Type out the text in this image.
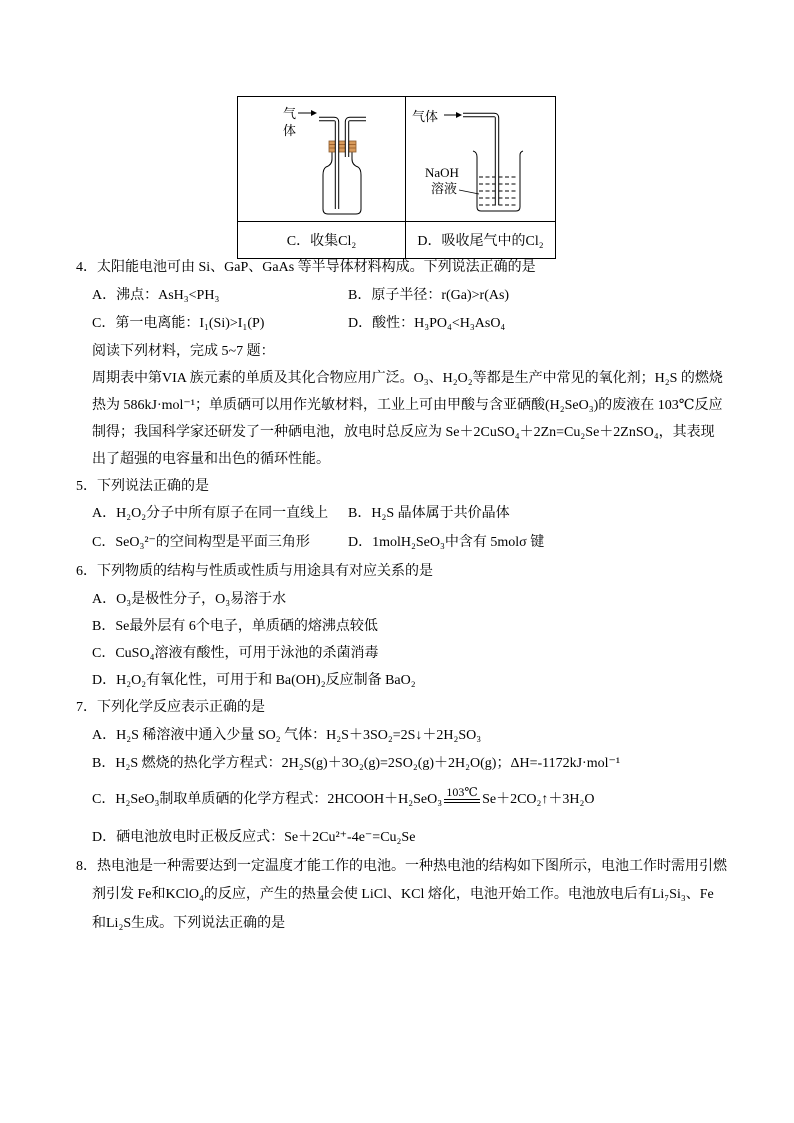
气
体
气体
NaOH
溶液
C．收集Cl₂	D．吸收尾气中的Cl₂
4．太阳能电池可由 Si、GaP、GaAs 等半导体材料构成。下列说法正确的是
A．沸点：AsH₃<PH₃	B．原子半径：r(Ga)>r(As)
C．第一电离能：I₁(Si)>I₁(P)	D．酸性：H₃PO₄<H₃AsO₄
阅读下列材料，完成 5~7 题：
周期表中第VIA 族元素的单质及其化合物应用广泛。O₃、H₂O₂等都是生产中常见的氧化剂；H₂S 的燃烧
热为 586kJ·mol⁻¹；单质硒可以用作光敏材料，工业上可由甲酸与含亚硒酸(H₂SeO₃)的废液在 103℃反应
制得；我国科学家还研发了一种硒电池，放电时总反应为 Se＋2CuSO₄＋2Zn=Cu₂Se＋2ZnSO₄，其表现
出了超强的电容量和出色的循环性能。
5．下列说法正确的是
A．H₂O₂分子中所有原子在同一直线上 B．H₂S 晶体属于共价晶体
C．SeO₃²⁻的空间构型是平面三角形	D．1molH₂SeO₃中含有 5molσ 键
6．下列物质的结构与性质或性质与用途具有对应关系的是
A．O₃是极性分子，O₃易溶于水
B．Se最外层有 6个电子，单质硒的熔沸点较低
C．CuSO₄溶液有酸性，可用于泳池的杀菌消毒
D．H₂O₂有氧化性，可用于和 Ba(OH)₂反应制备 BaO₂
7．下列化学反应表示正确的是
A．H₂S 稀溶液中通入少量 SO₂ 气体：H₂S＋3SO₂=2S↓＋2H₂SO₃
B．H₂S 燃烧的热化学方程式：2H₂S(g)＋3O₂(g)=2SO₂(g)＋2H₂O(g)；ΔH=-1172kJ·mol⁻¹
C．H₂SeO₃制取单质硒的化学方程式：2HCOOH＋H₂SeO₃ 103℃ Se＋2CO₂↑＋3H₂O
D．硒电池放电时正极反应式：Se＋2Cu²⁺-4e⁻=Cu₂Se
8．热电池是一种需要达到一定温度才能工作的电池。一种热电池的结构如下图所示，电池工作时需用引燃
剂引发 Fe和KClO₄的反应，产生的热量会使 LiCl、KCl 熔化，电池开始工作。电池放电后有Li₇Si₃、Fe
和Li₂S生成。下列说法正确的是
